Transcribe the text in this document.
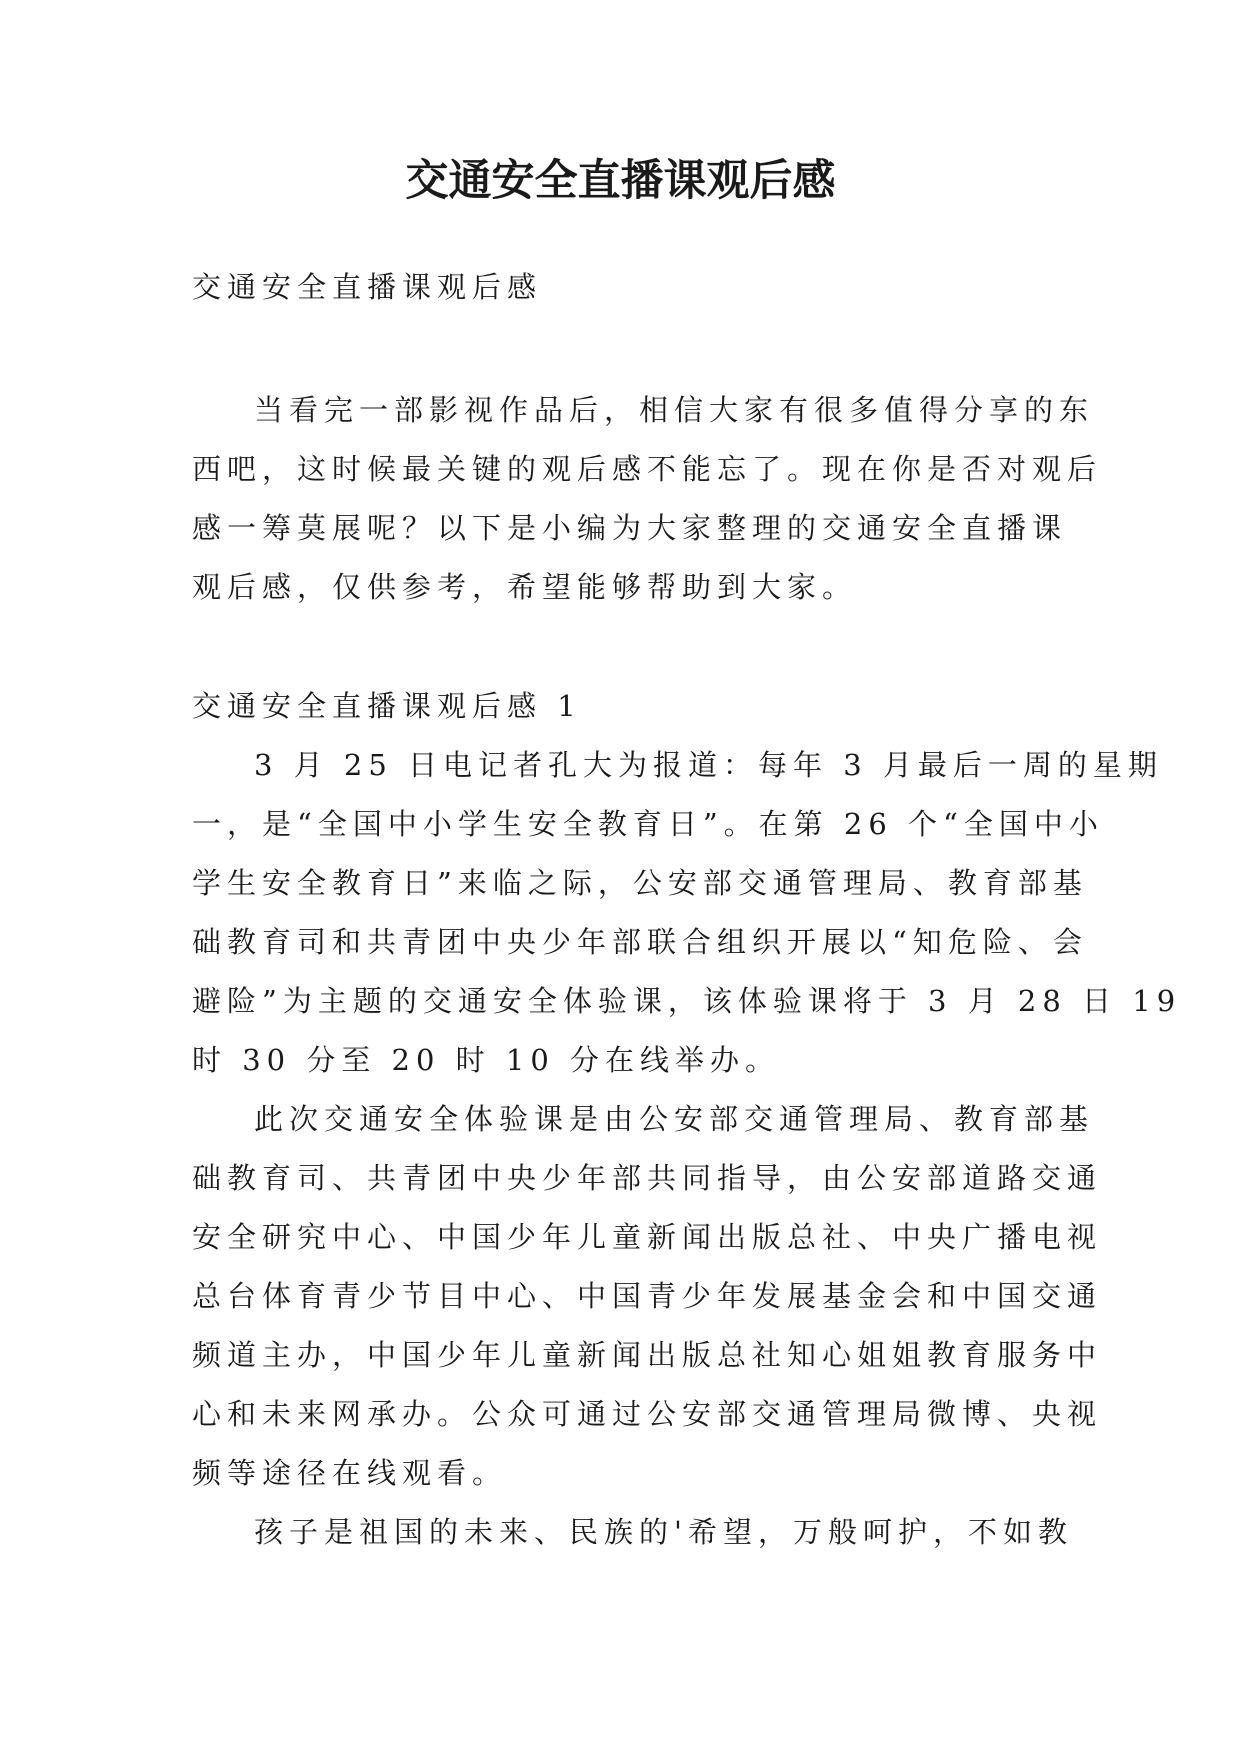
交通安全直播课观后感
交通安全直播课观后感
当看完一部影视作品后，相信大家有很多值得分享的东
西吧，这时候最关键的观后感不能忘了。现在你是否对观后
感一筹莫展呢？以下是小编为大家整理的交通安全直播课
观后感，仅供参考，希望能够帮助到大家。
交通安全直播课观后感 1
3 月 25 日电记者孔大为报道：每年 3 月最后一周的星期
一，是“全国中小学生安全教育日”。在第 26 个“全国中小
学生安全教育日”来临之际，公安部交通管理局、教育部基
础教育司和共青团中央少年部联合组织开展以“知危险、会
避险”为主题的交通安全体验课，该体验课将于 3 月 28 日 19
时 30 分至 20 时 10 分在线举办。
此次交通安全体验课是由公安部交通管理局、教育部基
础教育司、共青团中央少年部共同指导，由公安部道路交通
安全研究中心、中国少年儿童新闻出版总社、中央广播电视
总台体育青少节目中心、中国青少年发展基金会和中国交通
频道主办，中国少年儿童新闻出版总社知心姐姐教育服务中
心和未来网承办。公众可通过公安部交通管理局微博、央视
频等途径在线观看。
孩子是祖国的未来、民族的'希望，万般呵护，不如教
